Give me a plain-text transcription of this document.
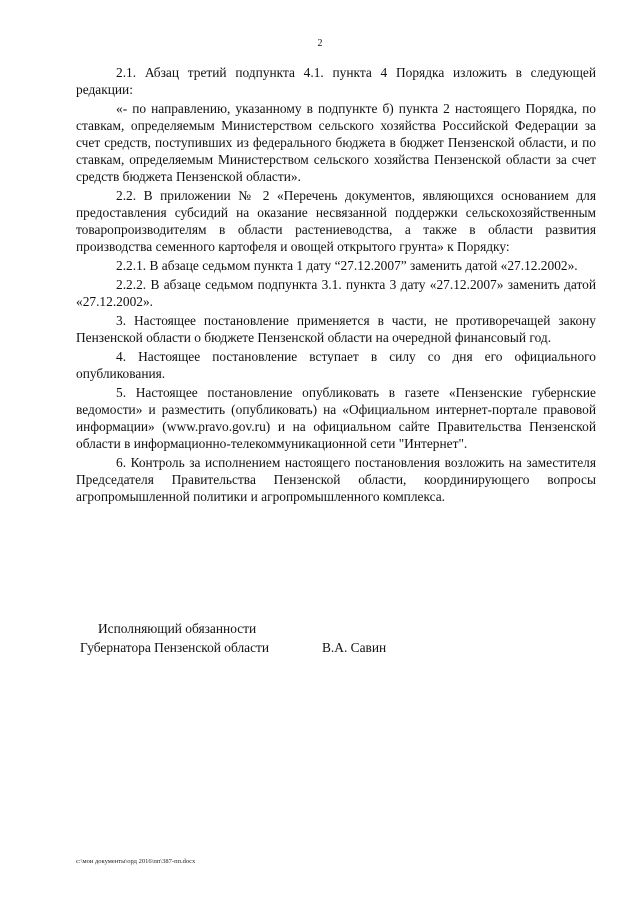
2

2.1. Абзац третий подпункта 4.1. пункта 4 Порядка изложить в следующей редакции:

«- по направлению, указанному в подпункте б) пункта 2 настоящего Порядка, по ставкам, определяемым Министерством сельского хозяйства Российской Федерации за счет средств, поступивших из федерального бюджета в бюджет Пензенской области, и по ставкам, определяемым Министерством сельского хозяйства Пензенской области за счет средств бюджета Пензенской области».

2.2. В приложении № 2 «Перечень документов, являющихся основанием для предоставления субсидий на оказание несвязанной поддержки сельскохозяйственным товаропроизводителям в области растениеводства, а также в области развития производства семенного картофеля и овощей открытого грунта» к Порядку:

2.2.1. В абзаце седьмом пункта 1 дату “27.12.2007” заменить датой «27.12.2002».

2.2.2. В абзаце седьмом подпункта 3.1. пункта 3 дату «27.12.2007» заменить датой «27.12.2002».

3. Настоящее постановление применяется в части, не противоречащей закону Пензенской области о бюджете Пензенской области на очередной финансовый год.

4. Настоящее постановление вступает в силу со дня его официального опубликования.

5. Настоящее постановление опубликовать в газете «Пензенские губернские ведомости» и разместить (опубликовать) на «Официальном интернет-портале правовой информации» (www.pravo.gov.ru) и на официальном сайте Правительства Пензенской области в информационно-телекоммуникационной сети "Интернет".

6. Контроль за исполнением настоящего постановления возложить на заместителя Председателя Правительства Пензенской области, координирующего вопросы агропромышленной политики и агропромышленного комплекса.

Исполняющий обязанности
Губернатора Пензенской области	В.А. Савин
c:\мои документы\орд 2016\пп\387-пп.docx
